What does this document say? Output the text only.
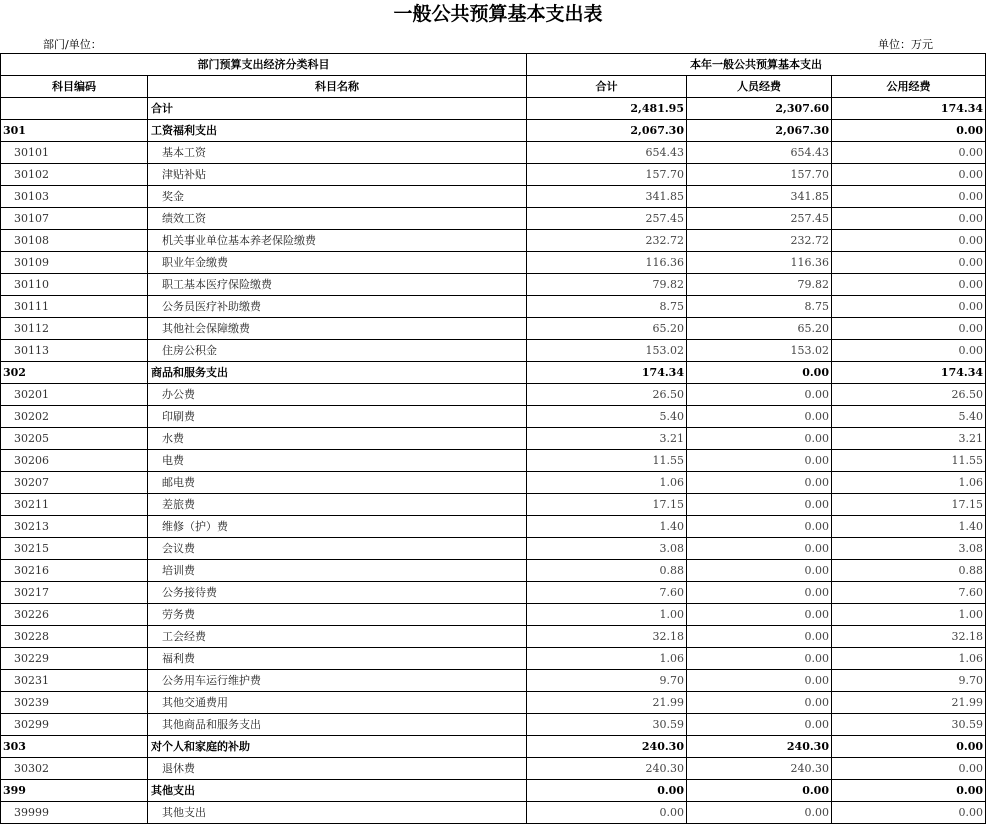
一般公共预算基本支出表
部门/单位：	单位：万元
部门预算支出经济分类科目		本年一般公共预算基本支出		
科目编码	科目名称	合计	人员经费	公用经费
	合计	2,481.95	2,307.60	174.34
301	工资福利支出	2,067.30	2,067.30	0.00
30101	基本工资	654.43	654.43	0.00
30102	津贴补贴	157.70	157.70	0.00
30103	奖金	341.85	341.85	0.00
30107	绩效工资	257.45	257.45	0.00
30108	机关事业单位基本养老保险缴费	232.72	232.72	0.00
30109	职业年金缴费	116.36	116.36	0.00
30110	职工基本医疗保险缴费	79.82	79.82	0.00
30111	公务员医疗补助缴费	8.75	8.75	0.00
30112	其他社会保障缴费	65.20	65.20	0.00
30113	住房公积金	153.02	153.02	0.00
302	商品和服务支出	174.34	0.00	174.34
30201	办公费	26.50	0.00	26.50
30202	印刷费	5.40	0.00	5.40
30205	水费	3.21	0.00	3.21
30206	电费	11.55	0.00	11.55
30207	邮电费	1.06	0.00	1.06
30211	差旅费	17.15	0.00	17.15
30213	维修（护）费	1.40	0.00	1.40
30215	会议费	3.08	0.00	3.08
30216	培训费	0.88	0.00	0.88
30217	公务接待费	7.60	0.00	7.60
30226	劳务费	1.00	0.00	1.00
30228	工会经费	32.18	0.00	32.18
30229	福利费	1.06	0.00	1.06
30231	公务用车运行维护费	9.70	0.00	9.70
30239	其他交通费用	21.99	0.00	21.99
30299	其他商品和服务支出	30.59	0.00	30.59
303	对个人和家庭的补助	240.30	240.30	0.00
30302	退休费	240.30	240.30	0.00
399	其他支出	0.00	0.00	0.00
39999	其他支出	0.00	0.00	0.00
